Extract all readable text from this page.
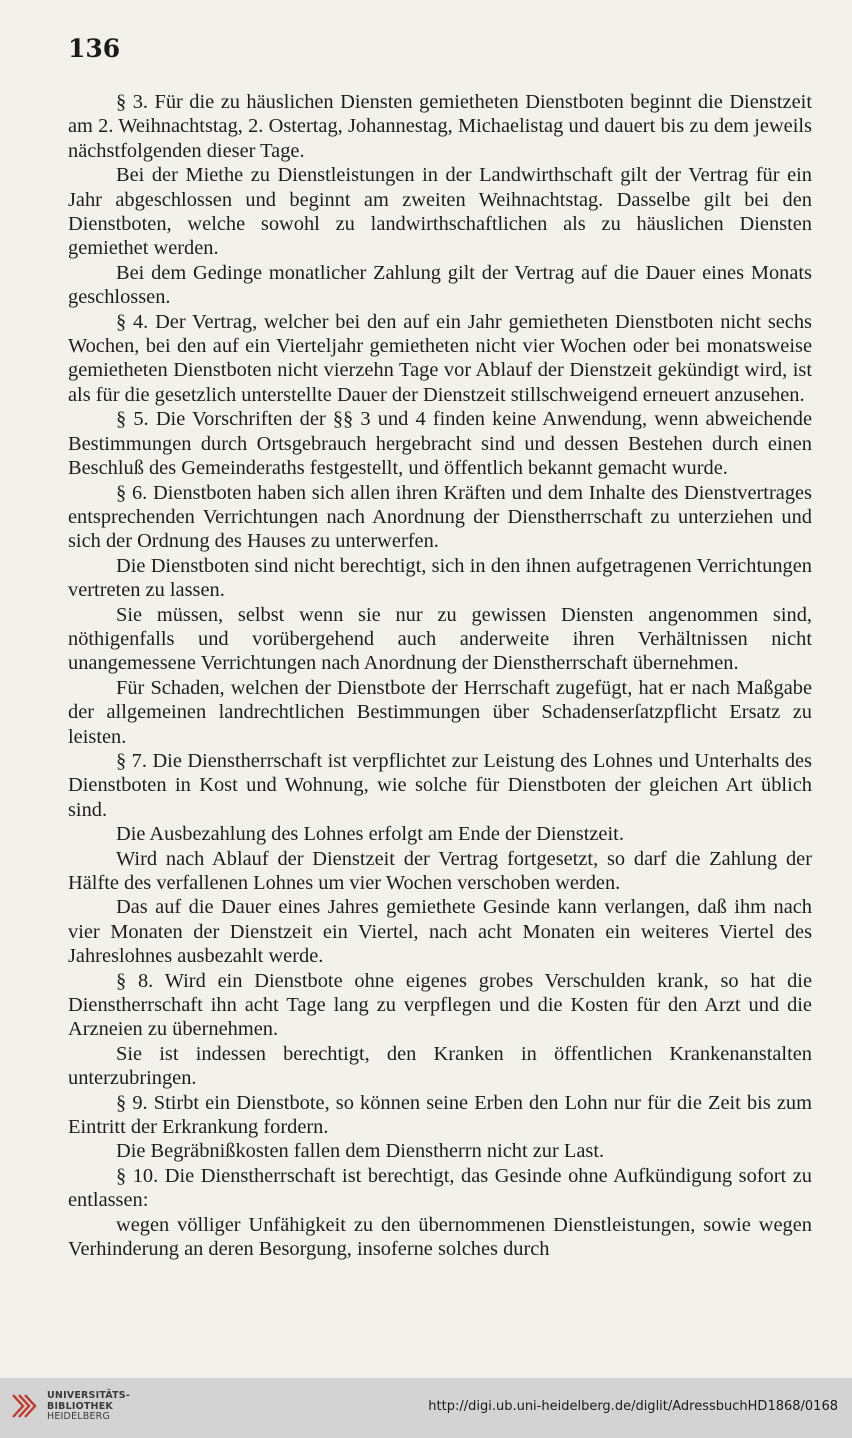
136

§ 3. Für die zu häuslichen Diensten gemietheten Dienstboten beginnt die Dienstzeit am 2. Weihnachtstag, 2. Ostertag, Johannestag, Michaelistag und dauert bis zu dem jeweils nächstfolgenden dieser Tage.

Bei der Miethe zu Dienstleistungen in der Landwirthschaft gilt der Vertrag für ein Jahr abgeschlossen und beginnt am zweiten Weihnachtstag. Dasselbe gilt bei den Dienstboten, welche sowohl zu landwirthschaftlichen als zu häuslichen Diensten gemiethet werden.

Bei dem Gedinge monatlicher Zahlung gilt der Vertrag auf die Dauer eines Monats geschlossen.

§ 4. Der Vertrag, welcher bei den auf ein Jahr gemietheten Dienstboten nicht sechs Wochen, bei den auf ein Vierteljahr gemietheten nicht vier Wochen oder bei monatsweise gemietheten Dienstboten nicht vierzehn Tage vor Ablauf der Dienstzeit gekündigt wird, ist als für die gesetzlich unterstellte Dauer der Dienstzeit stillschweigend erneuert anzusehen.

§ 5. Die Vorschriften der §§ 3 und 4 finden keine Anwendung, wenn abweichende Bestimmungen durch Ortsgebrauch hergebracht sind und dessen Bestehen durch einen Beschluß des Gemeinderaths festgestellt, und öffentlich bekannt gemacht wurde.

§ 6. Dienstboten haben sich allen ihren Kräften und dem Inhalte des Dienstvertrages entsprechenden Verrichtungen nach Anordnung der Dienstherrschaft zu unterziehen und sich der Ordnung des Hauses zu unterwerfen.

Die Dienstboten sind nicht berechtigt, sich in den ihnen aufgetragenen Verrichtungen vertreten zu lassen.

Sie müssen, selbst wenn sie nur zu gewissen Diensten angenommen sind, nöthigenfalls und vorübergehend auch anderweite ihren Verhältnissen nicht unangemessene Verrichtungen nach Anordnung der Dienstherrschaft übernehmen.

Für Schaden, welchen der Dienstbote der Herrschaft zugefügt, hat er nach Maßgabe der allgemeinen landrechtlichen Bestimmungen über Schadenserſatzpflicht Ersatz zu leisten.

§ 7. Die Dienstherrschaft ist verpflichtet zur Leistung des Lohnes und Unterhalts des Dienstboten in Kost und Wohnung, wie solche für Dienstboten der gleichen Art üblich sind.

Die Ausbezahlung des Lohnes erfolgt am Ende der Dienstzeit.

Wird nach Ablauf der Dienstzeit der Vertrag fortgesetzt, so darf die Zahlung der Hälfte des verfallenen Lohnes um vier Wochen verschoben werden.

Das auf die Dauer eines Jahres gemiethete Gesinde kann verlangen, daß ihm nach vier Monaten der Dienstzeit ein Viertel, nach acht Monaten ein weiteres Viertel des Jahreslohnes ausbezahlt werde.

§ 8. Wird ein Dienstbote ohne eigenes grobes Verschulden krank, so hat die Dienstherrschaft ihn acht Tage lang zu verpflegen und die Kosten für den Arzt und die Arzneien zu übernehmen.

Sie ist indessen berechtigt, den Kranken in öffentlichen Krankenanstalten unterzubringen.

§ 9. Stirbt ein Dienstbote, so können seine Erben den Lohn nur für die Zeit bis zum Eintritt der Erkrankung fordern.

Die Begräbnißkosten fallen dem Dienstherrn nicht zur Last.

§ 10. Die Dienstherrschaft ist berechtigt, das Gesinde ohne Aufkündigung sofort zu entlassen:

wegen völliger Unfähigkeit zu den übernommenen Dienstleistungen, sowie wegen Verhinderung an deren Besorgung, insoferne solches durch

UNIVERSITÄTS-
BIBLIOTHEK
HEIDELBERG
http://digi.ub.uni-heidelberg.de/diglit/AdressbuchHD1868/0168
